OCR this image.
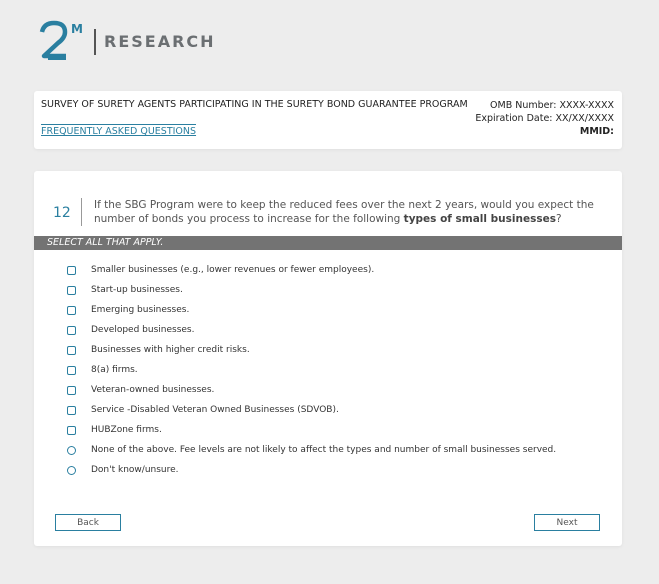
M
RESEARCH
SURVEY OF SURETY AGENTS PARTICIPATING IN THE SURETY BOND GUARANTEE PROGRAM
FREQUENTLY ASKED QUESTIONS
OMB Number: XXXX-XXXX
Expiration Date: XX/XX/XXXX
MMID:
12 If the SBG Program were to keep the reduced fees over the next 2 years, would you expect the number of bonds you process to increase for the following types of small businesses?
SELECT ALL THAT APPLY.
Smaller businesses (e.g., lower revenues or fewer employees).
Start-up businesses.
Emerging businesses.
Developed businesses.
Businesses with higher credit risks.
8(a) firms.
Veteran-owned businesses.
Service -Disabled Veteran Owned Businesses (SDVOB).
HUBZone firms.
None of the above. Fee levels are not likely to affect the types and number of small businesses served.
Don't know/unsure.
Back	Next
